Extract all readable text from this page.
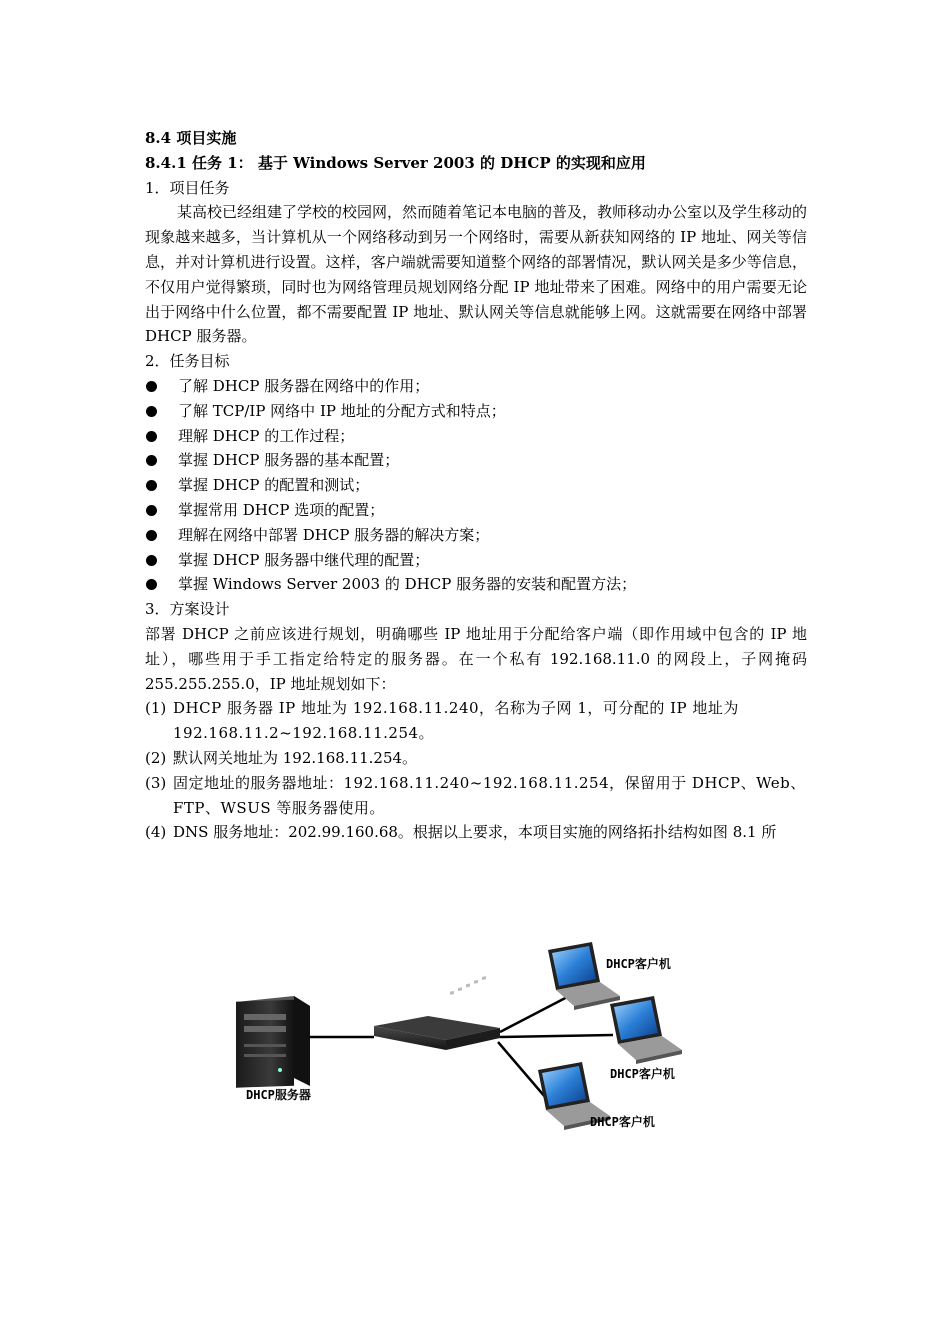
8.4 项目实施

8.4.1 任务 1： 基于 Windows Server 2003 的 DHCP 的实现和应用

1．项目任务

某高校已经组建了学校的校园网，然而随着笔记本电脑的普及，教师移动办公室以及学生移动的现象越来越多，当计算机从一个网络移动到另一个网络时，需要从新获知网络的 IP 地址、网关等信息，并对计算机进行设置。这样，客户端就需要知道整个网络的部署情况，默认网关是多少等信息，不仅用户觉得繁琐，同时也为网络管理员规划网络分配 IP 地址带来了困难。网络中的用户需要无论出于网络中什么位置，都不需要配置 IP 地址、默认网关等信息就能够上网。这就需要在网络中部署 DHCP 服务器。

2．任务目标

了解 DHCP 服务器在网络中的作用；
了解 TCP/IP 网络中 IP 地址的分配方式和特点；
理解 DHCP 的工作过程；
掌握 DHCP 服务器的基本配置；
掌握 DHCP 的配置和测试；
掌握常用 DHCP 选项的配置；
理解在网络中部署 DHCP 服务器的解决方案；
掌握 DHCP 服务器中继代理的配置；
掌握 Windows Server 2003 的 DHCP 服务器的安装和配置方法；

3．方案设计

部署 DHCP 之前应该进行规划，明确哪些 IP 地址用于分配给客户端（即作用域中包含的 IP 地址），哪些用于手工指定给特定的服务器。在一个私有 192.168.11.0 的网段上，子网掩码 255.255.255.0，IP 地址规划如下：

(1) DHCP 服务器 IP 地址为 192.168.11.240，名称为子网 1，可分配的 IP 地址为 192.168.11.2~192.168.11.254。
(2) 默认网关地址为 192.168.11.254。
(3) 固定地址的服务器地址：192.168.11.240~192.168.11.254，保留用于 DHCP、Web、FTP、WSUS 等服务器使用。
(4) DNS 服务地址：202.99.160.68。根据以上要求，本项目实施的网络拓扑结构如图 8.1 所
DHCP服务器
DHCP客户机
DHCP客户机
DHCP客户机
